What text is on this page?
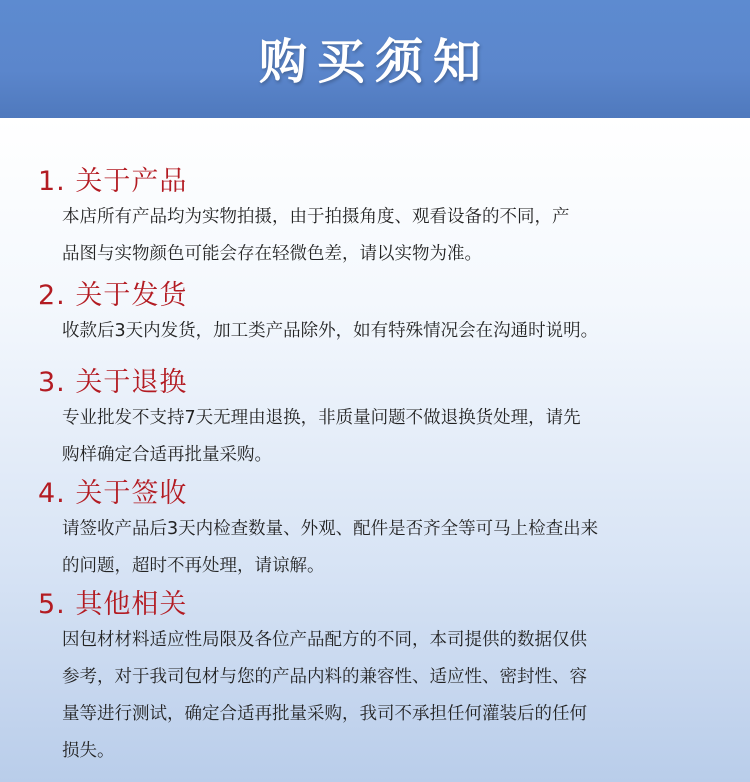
购买须知
1. 关于产品
本店所有产品均为实物拍摄，由于拍摄角度、观看设备的不同，产
品图与实物颜色可能会存在轻微色差，请以实物为准。
2. 关于发货
收款后3天内发货，加工类产品除外，如有特殊情况会在沟通时说明。
3. 关于退换
专业批发不支持7天无理由退换，非质量问题不做退换货处理，请先
购样确定合适再批量采购。
4. 关于签收
请签收产品后3天内检查数量、外观、配件是否齐全等可马上检查出来
的问题，超时不再处理，请谅解。
5. 其他相关
因包材材料适应性局限及各位产品配方的不同，本司提供的数据仅供
参考，对于我司包材与您的产品内料的兼容性、适应性、密封性、容
量等进行测试，确定合适再批量采购，我司不承担任何灌装后的任何
损失。
